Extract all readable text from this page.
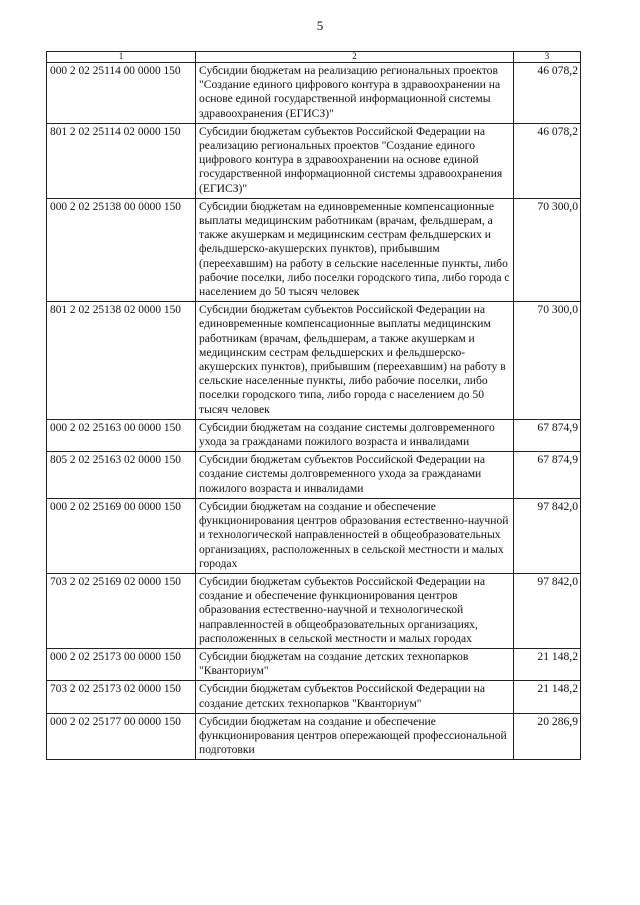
5
1	2	3
000 2 02 25114 00 0000 150	Субсидии бюджетам на реализацию региональных проектов "Создание единого цифрового контура в здравоохранении на основе единой государственной информационной системы здравоохранения (ЕГИСЗ)"	46 078,2
801 2 02 25114 02 0000 150	Субсидии бюджетам субъектов Российской Федерации на реализацию региональных проектов "Создание единого цифрового контура в здравоохранении на основе единой государственной информационной системы здравоохранения (ЕГИСЗ)"	46 078,2
000 2 02 25138 00 0000 150	Субсидии бюджетам на единовременные компенсационные выплаты медицинским работникам (врачам, фельдшерам, а также акушеркам и медицинским сестрам фельдшерских и фельдшерско-акушерских пунктов), прибывшим (переехавшим) на работу в сельские населенные пункты, либо рабочие поселки, либо поселки городского типа, либо города с населением до 50 тысяч человек	70 300,0
801 2 02 25138 02 0000 150	Субсидии бюджетам субъектов Российской Федерации на единовременные компенсационные выплаты медицинским работникам (врачам, фельдшерам, а также акушеркам и медицинским сестрам фельдшерских и фельдшерско-акушерских пунктов), прибывшим (переехавшим) на работу в сельские населенные пункты, либо рабочие поселки, либо поселки городского типа, либо города с населением до 50 тысяч человек	70 300,0
000 2 02 25163 00 0000 150	Субсидии бюджетам на создание системы долговременного ухода за гражданами пожилого возраста и инвалидами	67 874,9
805 2 02 25163 02 0000 150	Субсидии бюджетам субъектов Российской Федерации на создание системы долговременного ухода за гражданами пожилого возраста и инвалидами	67 874,9
000 2 02 25169 00 0000 150	Субсидии бюджетам на создание и обеспечение функционирования центров образования естественно-научной и технологической направленностей в общеобразовательных организациях, расположенных в сельской местности и малых городах	97 842,0
703 2 02 25169 02 0000 150	Субсидии бюджетам субъектов Российской Федерации на создание и обеспечение функционирования центров образования естественно-научной и технологической направленностей в общеобразовательных организациях, расположенных в сельской местности и малых городах	97 842,0
000 2 02 25173 00 0000 150	Субсидии бюджетам на создание детских технопарков "Кванториум"	21 148,2
703 2 02 25173 02 0000 150	Субсидии бюджетам субъектов Российской Федерации на создание детских технопарков "Кванториум"	21 148,2
000 2 02 25177 00 0000 150	Субсидии бюджетам на создание и обеспечение функционирования центров опережающей профессиональной подготовки	20 286,9
